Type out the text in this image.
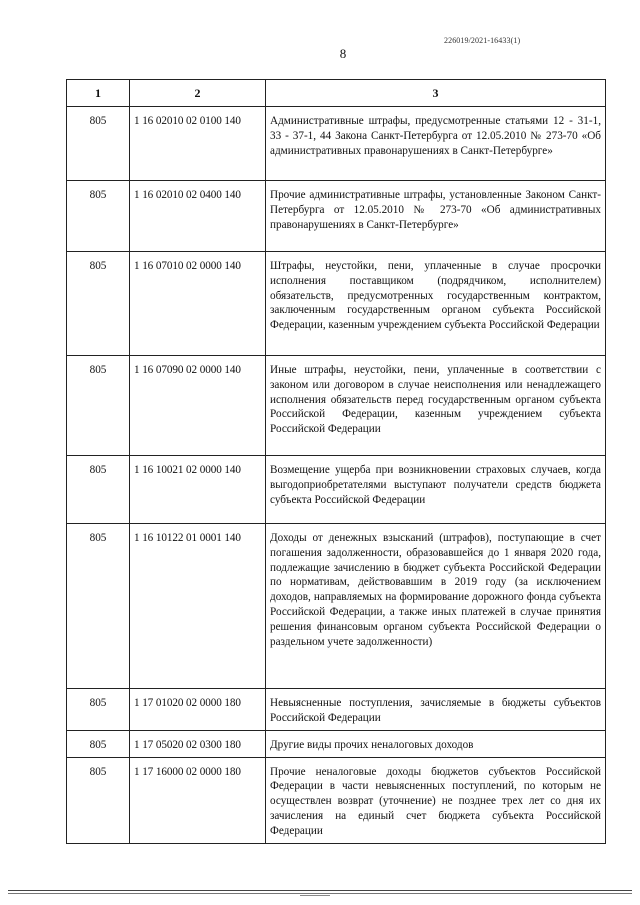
226019/2021-16433(1)
8
1	2	3
805	1 16 02010 02 0100 140	Административные штрафы, предусмотренные статьями 12 - 31-1, 33 - 37-1, 44 Закона Санкт-Петербурга от 12.05.2010 № 273-70 «Об административных правонарушениях в Санкт-Петербурге»
805	1 16 02010 02 0400 140	Прочие административные штрафы, установленные Законом Санкт-Петербурга от 12.05.2010 № 273-70 «Об административных правонарушениях в Санкт-Петербурге»
805	1 16 07010 02 0000 140	Штрафы, неустойки, пени, уплаченные в случае просрочки исполнения поставщиком (подрядчиком, исполнителем) обязательств, предусмотренных государственным контрактом, заключенным государственным органом субъекта Российской Федерации, казенным учреждением субъекта Российской Федерации
805	1 16 07090 02 0000 140	Иные штрафы, неустойки, пени, уплаченные в соответствии с законом или договором в случае неисполнения или ненадлежащего исполнения обязательств перед государственным органом субъекта Российской Федерации, казенным учреждением субъекта Российской Федерации
805	1 16 10021 02 0000 140	Возмещение ущерба при возникновении страховых случаев, когда выгодоприобретателями выступают получатели средств бюджета субъекта Российской Федерации
805	1 16 10122 01 0001 140	Доходы от денежных взысканий (штрафов), поступающие в счет погашения задолженности, образовавшейся до 1 января 2020 года, подлежащие зачислению в бюджет субъекта Российской Федерации по нормативам, действовавшим в 2019 году (за исключением доходов, направляемых на формирование дорожного фонда субъекта Российской Федерации, а также иных платежей в случае принятия решения финансовым органом субъекта Российской Федерации о раздельном учете задолженности)
805	1 17 01020 02 0000 180	Невыясненные поступления, зачисляемые в бюджеты субъектов Российской Федерации
805	1 17 05020 02 0300 180	Другие виды прочих неналоговых доходов
805	1 17 16000 02 0000 180	Прочие неналоговые доходы бюджетов субъектов Российской Федерации в части невыясненных поступлений, по которым не осуществлен возврат (уточнение) не позднее трех лет со дня их зачисления на единый счет бюджета субъекта Российской Федерации
